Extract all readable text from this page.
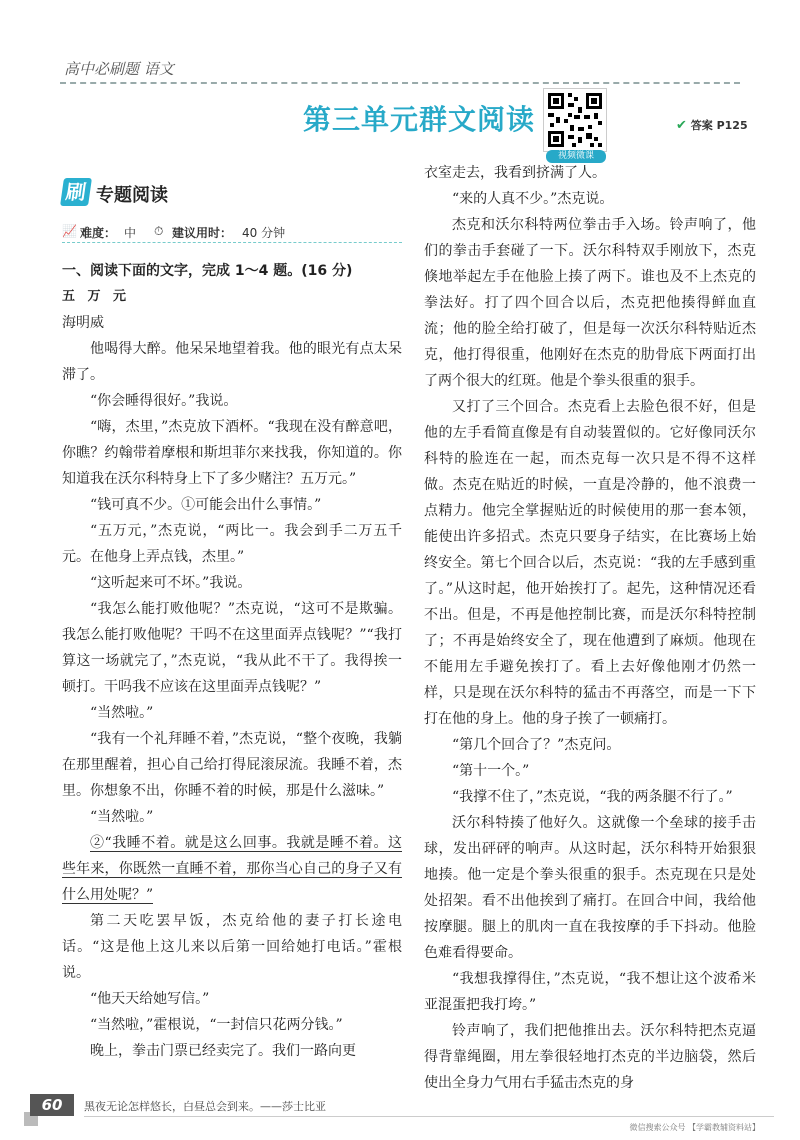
高中必刷题 语文
第三单元群文阅读
视频微课
✔ 答案 P125
刷 专题阅读
📈 难度： 中 ⏱ 建议用时： 40 分钟

一、阅读下面的文字，完成 1～4 题。(16 分)

五 万 元

海明威

他喝得大醉。他呆呆地望着我。他的眼光有点太呆滞了。

“你会睡得很好。”我说。

“嗨，杰里，”杰克放下酒杯。“我现在没有醉意吧，你瞧？约翰带着摩根和斯坦菲尔来找我，你知道的。你知道我在沃尔科特身上下了多少赌注？五万元。”

“钱可真不少。①可能会出什么事情。”

“五万元，”杰克说，“两比一。我会到手二万五千元。在他身上弄点钱，杰里。”

“这听起来可不坏。”我说。

“我怎么能打败他呢？”杰克说，“这可不是欺骗。我怎么能打败他呢？干吗不在这里面弄点钱呢？”“我打算这一场就完了，”杰克说，“我从此不干了。我得挨一顿打。干吗我不应该在这里面弄点钱呢？”

“当然啦。”

“我有一个礼拜睡不着，”杰克说，“整个夜晚，我躺在那里醒着，担心自己给打得屁滚尿流。我睡不着，杰里。你想象不出，你睡不着的时候，那是什么滋味。”

“当然啦。”

②“我睡不着。就是这么回事。我就是睡不着。这些年来，你既然一直睡不着，那你当心自己的身子又有什么用处呢？”

第二天吃罢早饭，杰克给他的妻子打长途电话。“这是他上这儿来以后第一回给她打电话。”霍根说。

“他天天给她写信。”

“当然啦，”霍根说，“一封信只花两分钱。”

晚上，拳击门票已经卖完了。我们一路向更

衣室走去，我看到挤满了人。

“来的人真不少。”杰克说。

杰克和沃尔科特两位拳击手入场。铃声响了，他们的拳击手套碰了一下。沃尔科特双手刚放下，杰克倏地举起左手在他脸上揍了两下。谁也及不上杰克的拳法好。打了四个回合以后，杰克把他揍得鲜血直流；他的脸全给打破了，但是每一次沃尔科特贴近杰克，他打得很重，他刚好在杰克的肋骨底下两面打出了两个很大的红斑。他是个拳头很重的狠手。

又打了三个回合。杰克看上去脸色很不好，但是他的左手看简直像是有自动装置似的。它好像同沃尔科特的脸连在一起，而杰克每一次只是不得不这样做。杰克在贴近的时候，一直是冷静的，他不浪费一点精力。他完全掌握贴近的时候使用的那一套本领，能使出许多招式。杰克只要身子结实，在比赛场上始终安全。第七个回合以后，杰克说：“我的左手感到重了。”从这时起，他开始挨打了。起先，这种情况还看不出。但是，不再是他控制比赛，而是沃尔科特控制了；不再是始终安全了，现在他遭到了麻烦。他现在不能用左手避免挨打了。看上去好像他刚才仍然一样，只是现在沃尔科特的猛击不再落空，而是一下下打在他的身上。他的身子挨了一顿痛打。

“第几个回合了？”杰克问。

“第十一个。”

“我撑不住了，”杰克说，“我的两条腿不行了。”

沃尔科特揍了他好久。这就像一个垒球的接手击球，发出砰砰的响声。从这时起，沃尔科特开始狠狠地揍。他一定是个拳头很重的狠手。杰克现在只是处处招架。看不出他挨到了痛打。在回合中间，我给他按摩腿。腿上的肌肉一直在我按摩的手下抖动。他脸色难看得要命。

“我想我撑得住，”杰克说，“我不想让这个波希米亚混蛋把我打垮。”

铃声响了，我们把他推出去。沃尔科特把杰克逼得背靠绳圈，用左拳很轻地打杰克的半边脑袋，然后使出全身力气用右手猛击杰克的身

60	黑夜无论怎样悠长，白昼总会到来。——莎士比亚
微信搜索公众号 【学霸教辅资料站】
